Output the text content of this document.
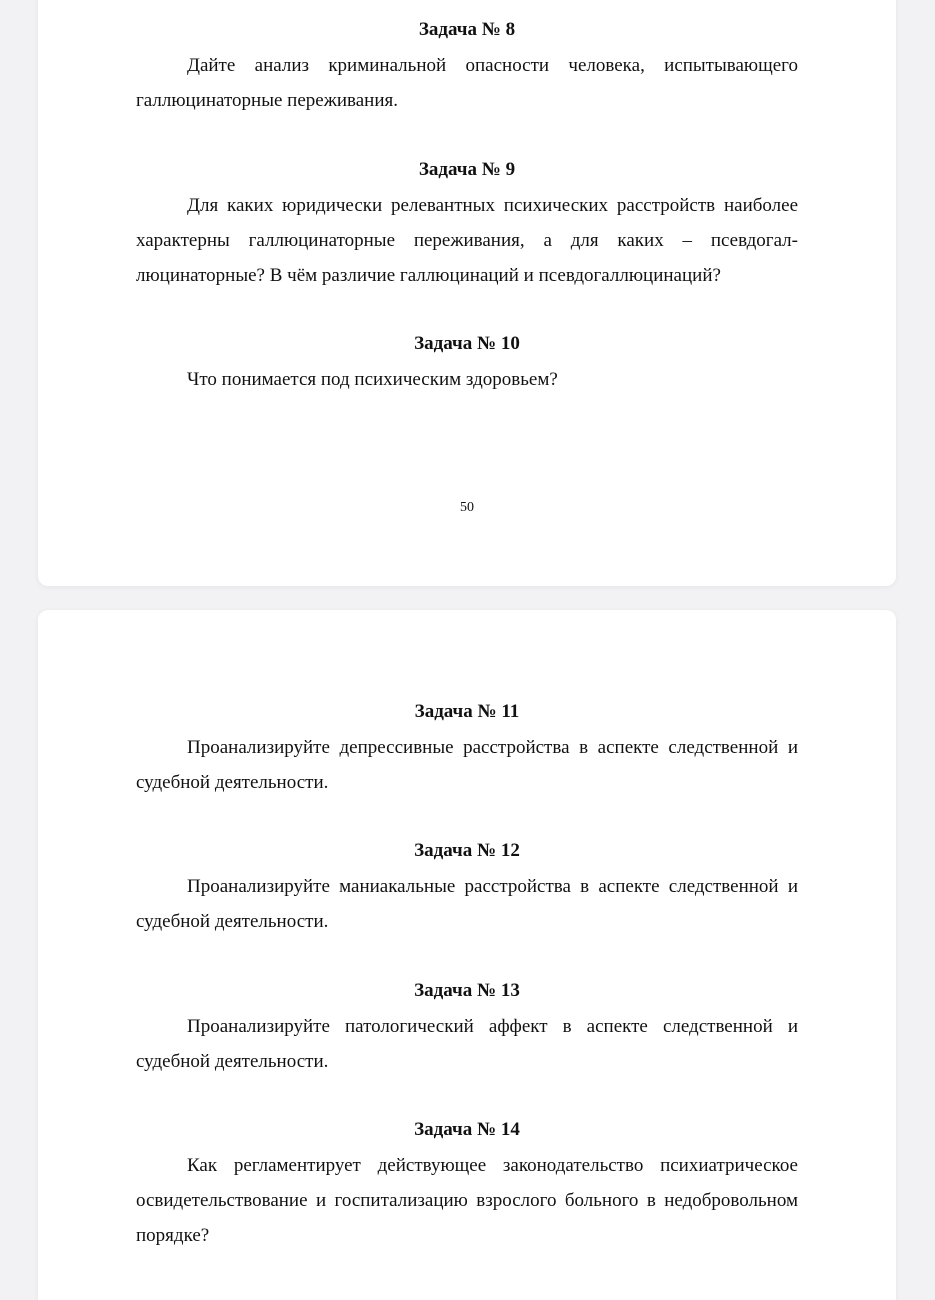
Задача № 8

Дайте анализ криминальной опасности человека, испытывающего галлюцинаторные переживания.

Задача № 9

Для каких юридически релевантных психических расстройств наиболее характерны галлюцинаторные переживания, а для каких – псевдогаллюцинаторные? В чём различие галлюцинаций и псевдогаллюцинаций?

Задача № 10

Что понимается под психическим здоровьем?

50
Задача № 11

Проанализируйте депрессивные расстройства в аспекте следственной и судебной деятельности.

Задача № 12

Проанализируйте маниакальные расстройства в аспекте следственной и судебной деятельности.

Задача № 13

Проанализируйте патологический аффект в аспекте следственной и судебной деятельности.

Задача № 14

Как регламентирует действующее законодательство психиатрическое освидетельствование и госпитализацию взрослого больного в недобровольном порядке?
